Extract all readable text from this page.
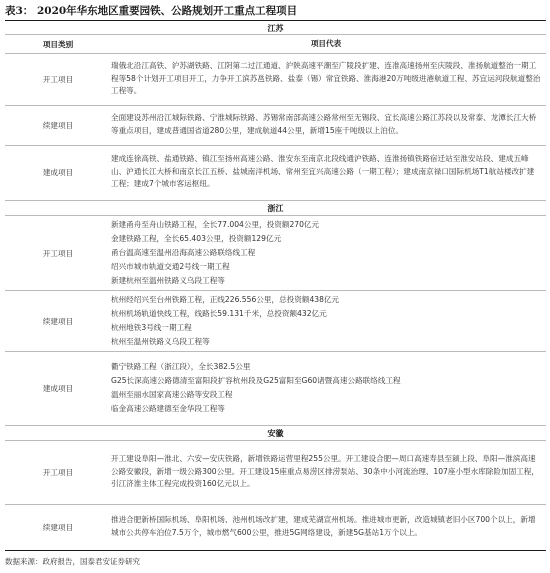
表3： 2020年华东地区重要园铁、公路规划开工重点工程项目
江苏
项目类别	项目代表
开工项目
瑞俄北沿江高铁、沪苏湖铁路、江阴第二过江通道、沪陕高速平潮至广陵段扩建、连准高速扬州至庆陵段、准扬航道整治一期工程等58个计划开工项目开工，力争开工滨苏邕铁路、盐泰（锡）常宜铁路、淮海港20万吨级进港航道工程、苏宜运河段航道整治工程等。
续建项目
全面建设苏州沿江城际铁路、宁淮城际铁路、苏锡常南部高速公路常州至无锡段、宜长高速公路江苏段以及常泰、龙潭长江大桥等重点项目，建成普通国省道280公里，建成航道44公里，新增15座千吨级以上泊位。
建成项目
建成连徐高铁、盐通铁路、镇江至扬州高速公路、淮安东至南京北段线通沪铁路、连淮扬镇铁路宿迁站至淮安站段、建成五峰山、沪通长江大桥和南京长江五桥、盐城南洋机场、常州至宜兴高速公路（一期工程）；建成南京禄口国际机场T1航站楼改扩建工程；建成7个城市客运枢纽。
浙江
开工项目
新建甬舟至舟山铁路工程，全长77.004公里，投资额270亿元
金建铁路工程，全长65.403公里，投资额129亿元
甬台温高速至温州沿海高速公路联络线工程
绍兴市城市轨道交通2号线一期工程
新建杭州至温州铁路义乌段工程等
续建项目
杭州经绍兴至台州铁路工程，正线226.556公里，总投资额438亿元
杭州机场轨道快线工程，线路长59.131千米，总投资额432亿元
杭州地铁3号线一期工程
杭州至温州铁路义乌段工程等
建成项目
衢宁铁路工程（浙江段），全长382.5公里
G25长深高速公路德清至富阳段扩容杭州段及G25富阳至G60诸暨高速公路联络线工程
温州至丽水国家高速公路等安段工程
临金高速公路建德至金华段工程等
安徽
开工项目
开工建设阜阳—淮北、六安—安庆铁路，新增铁路运营里程255公里。开工建设合肥—周口高速寿县至颍上段、阜阳—淮滨高速公路安徽段，新增一级公路300公里。开工建设15座重点易涝区排涝泵站、30条中小河流治理、107座小型水库除险加固工程，引江济淮主体工程完成投资160亿元以上。
续建项目
推进合肥新桥国际机场、阜阳机场、池州机场改扩建，建成芜湖宣州机场。推进城市更新，改造城镇老旧小区700个以上，新增城市公共停车泊位7.5万个，城市燃气600公里，推进5G网络建设，新建5G基站1万个以上。
数据来源：政府报告，国泰君安证券研究
